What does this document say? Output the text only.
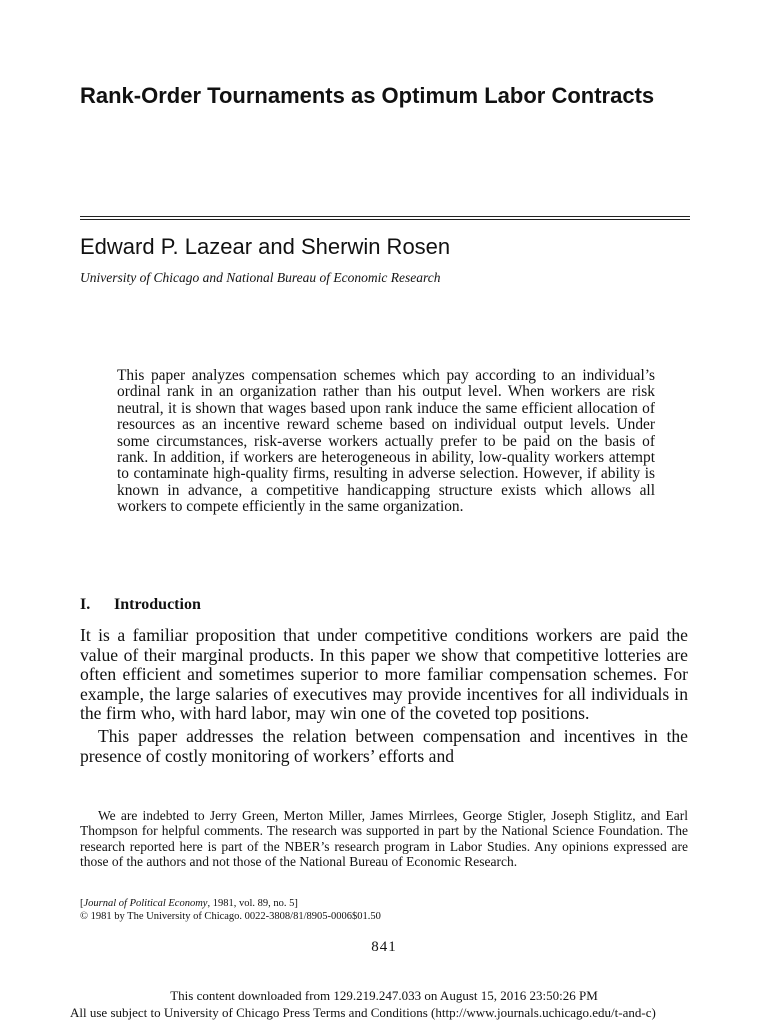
Rank-Order Tournaments as Optimum Labor Contracts
Edward P. Lazear and Sherwin Rosen
University of Chicago and National Bureau of Economic Research

This paper analyzes compensation schemes which pay according to an individual’s ordinal rank in an organization rather than his output level. When workers are risk neutral, it is shown that wages based upon rank induce the same efficient allocation of resources as an incentive reward scheme based on individual output levels. Under some circumstances, risk-averse workers actually prefer to be paid on the basis of rank. In addition, if workers are heterogeneous in ability, low-quality workers attempt to contaminate high-quality firms, resulting in adverse selection. However, if ability is known in advance, a competitive handicapping structure exists which allows all workers to compete efficiently in the same organization.

I. Introduction

It is a familiar proposition that under competitive conditions workers are paid the value of their marginal products. In this paper we show that competitive lotteries are often efficient and sometimes superior to more familiar compensation schemes. For example, the large salaries of executives may provide incentives for all individuals in the firm who, with hard labor, may win one of the coveted top positions.

This paper addresses the relation between compensation and incentives in the presence of costly monitoring of workers’ efforts and

We are indebted to Jerry Green, Merton Miller, James Mirrlees, George Stigler, Joseph Stiglitz, and Earl Thompson for helpful comments. The research was supported in part by the National Science Foundation. The research reported here is part of the NBER’s research program in Labor Studies. Any opinions expressed are those of the authors and not those of the National Bureau of Economic Research.

[Journal of Political Economy, 1981, vol. 89, no. 5]
© 1981 by The University of Chicago. 0022-3808/81/8905-0006$01.50
841
This content downloaded from 129.219.247.033 on August 15, 2016 23:50:26 PM
All use subject to University of Chicago Press Terms and Conditions (http://www.journals.uchicago.edu/t-and-c)
